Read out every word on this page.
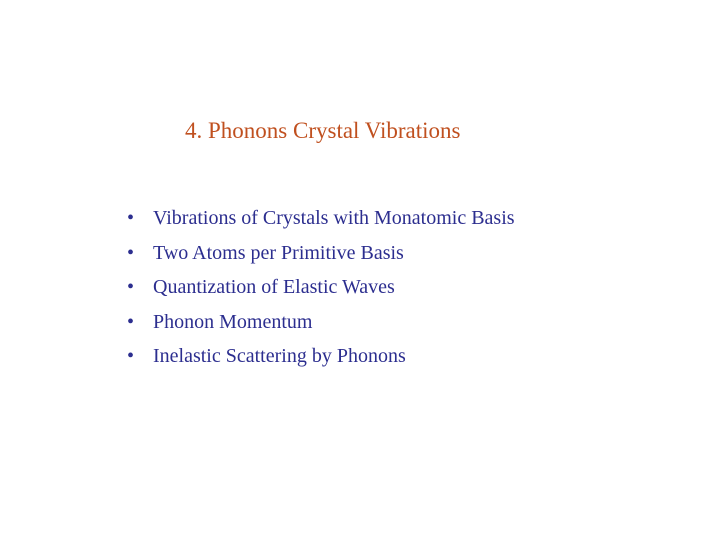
4. Phonons Crystal Vibrations
• Vibrations of Crystals with Monatomic Basis
• Two Atoms per Primitive Basis
• Quantization of Elastic Waves
• Phonon Momentum
• Inelastic Scattering by Phonons
